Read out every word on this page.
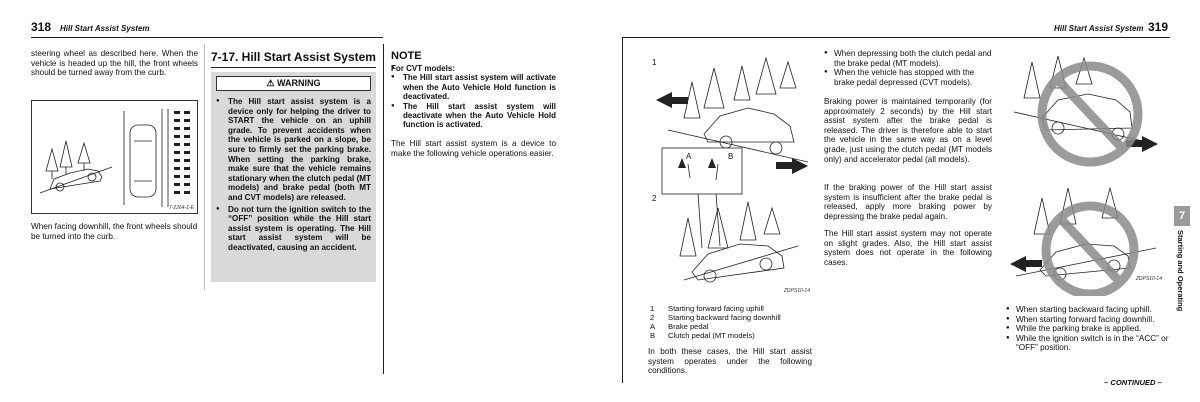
318 Hill Start Assist System
steering wheel as described here. When the vehicle is headed up the hill, the front wheels should be turned away from the curb.
7-2264-1-E
When facing downhill, the front wheels should be turned into the curb.
7-17. Hill Start Assist System
⚠ WARNING
● The Hill start assist system is a device only for helping the driver to START the vehicle on an uphill grade. To prevent accidents when the vehicle is parked on a slope, be sure to firmly set the parking brake. When setting the parking brake, make sure that the vehicle remains stationary when the clutch pedal (MT models) and brake pedal (both MT and CVT models) are released.
● Do not turn the ignition switch to the “OFF” position while the Hill start assist system is operating. The Hill start assist system will be deactivated, causing an accident.
NOTE
● For CVT models:
● The Hill start assist system will activate when the Auto Vehicle Hold function is deactivated.
● The Hill start assist system will deactivate when the Auto Vehicle Hold function is activated.
The Hill start assist system is a device to make the following vehicle operations easier.
Hill Start Assist System 319
1
2
A	B
ZDPS10-14
1	Starting forward facing uphill
2	Starting backward facing downhill
A	Brake pedal
B	Clutch pedal (MT models)
In both these cases, the Hill start assist system operates under the following conditions.
● When depressing both the clutch pedal and the brake pedal (MT models).
● When the vehicle has stopped with the brake pedal depressed (CVT models).
Braking power is maintained temporarily (for approximately 2 seconds) by the Hill start assist system after the brake pedal is released. The driver is therefore able to start the vehicle in the same way as on a level grade, just using the clutch pedal (MT models only) and accelerator pedal (all models).
If the braking power of the Hill start assist system is insufficient after the brake pedal is released, apply more braking power by depressing the brake pedal again.
The Hill start assist system may not operate on slight grades. Also, the Hill start assist system does not operate in the following cases.
ZDPS10-14
● When starting backward facing uphill.
● When starting forward facing downhill.
● While the parking brake is applied.
● While the ignition switch is in the “ACC” or “OFF” position.
– CONTINUED –
7
Starting and Operating
